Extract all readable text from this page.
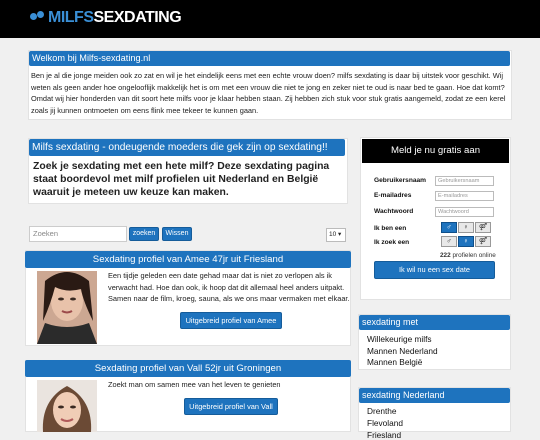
MILFS SEXDATING
Welkom bij Milfs-sexdating.nl

Ben je al die jonge meiden ook zo zat en wil je het eindelijk eens met een echte vrouw doen? milfs sexdating is daar bij uitstek voor geschikt. Wij weten als geen ander hoe ongelooflijk makkelijk het is om met een vrouw die niet te jong en zeker niet te oud is naar bed te gaan. Hoe dat komt? Omdat wij hier honderden van dit soort hete milfs voor je klaar hebben staan. Zij hebben zich stuk voor stuk gratis aangemeld, zodat ze een kerel zoals jij kunnen ontmoeten om eens flink mee tekeer te kunnen gaan.

Milfs sexdating - ondeugende moeders die gek zijn op sexdating!!

Zoek je sexdating met een hete milf? Deze sexdating pagina staat boordevol met milf profielen uit Nederland en België waaruit je meteen uw keuze kan maken.

Zoeken	zoeken	Wissen	10 ▾
Sexdating profiel van Amee 47jr uit Friesland

Een tijdje geleden een date gehad maar dat is niet zo verlopen als ik verwacht had. Hoe dan ook, ik hoop dat dit allemaal heel anders uitpakt. Samen naar de film, kroeg, sauna, als we ons maar vermaken met elkaar.

Uitgebreid profiel van Amee
Sexdating profiel van Vall 52jr uit Groningen

Zoekt man om samen mee van het leven te genieten

Uitgebreid profiel van Vall
Meld je nu gratis aan
Gebruikersnaam	Gebruikersnaam
E-mailadres	E-mailadres
Wachtwoord	Wachtwoord
Ik ben een	♂	♀	⚤
Ik zoek een	♂	♀	⚤
222 profielen online
Ik wil nu een sex date
sexdating met
Willekeurige milfs
Mannen Nederland
Mannen België
sexdating Nederland
Drenthe
Flevoland
Friesland
